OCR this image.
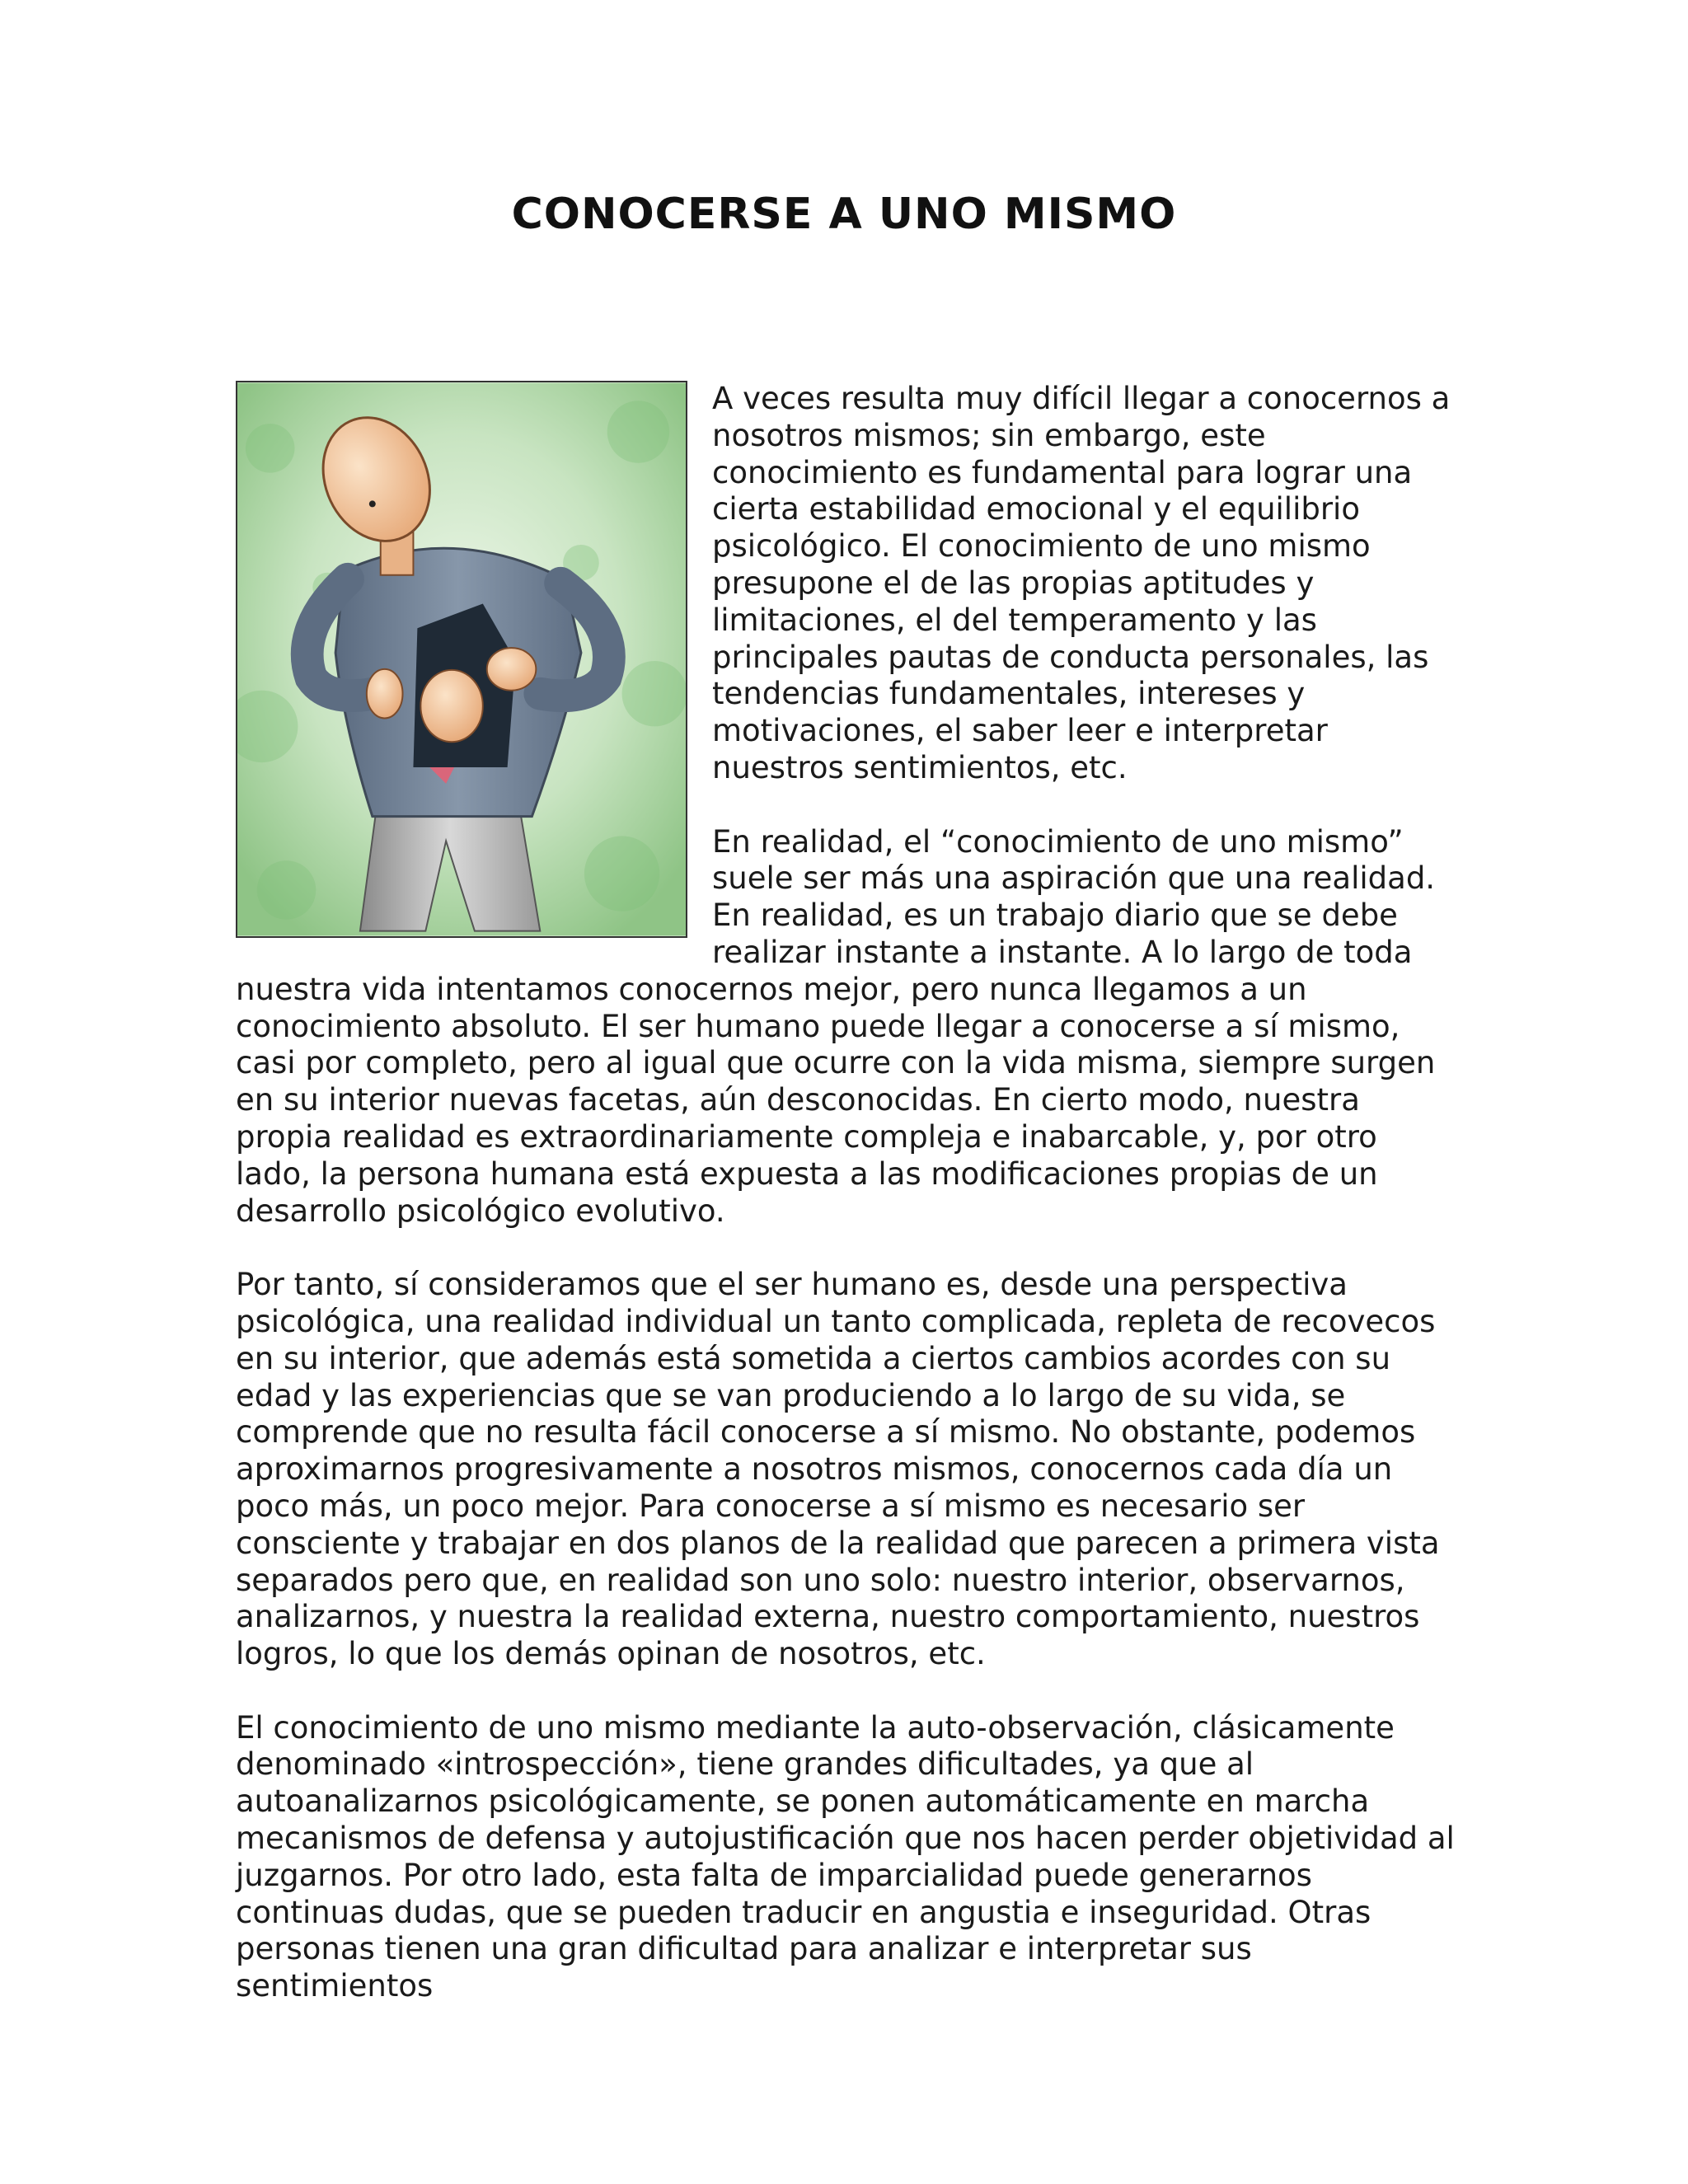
CONOCERSE A UNO MISMO

A veces resulta muy difícil llegar a conocernos a nosotros mismos; sin embargo, este conocimiento es fundamental para lograr una cierta estabilidad emocional y el equilibrio psicológico. El conocimiento de uno mismo presupone el de las propias aptitudes y limitaciones, el del temperamento y las principales pautas de conducta personales, las tendencias fundamentales, intereses y motivaciones, el saber leer e interpretar nuestros sentimientos, etc.

En realidad, el “conocimiento de uno mismo” suele ser más una aspiración que una realidad. En realidad, es un trabajo diario que se debe realizar instante a instante. A lo largo de toda nuestra vida intentamos conocernos mejor, pero nunca llegamos a un conocimiento absoluto. El ser humano puede llegar a conocerse a sí mismo, casi por completo, pero al igual que ocurre con la vida misma, siempre surgen en su interior nuevas facetas, aún desconocidas. En cierto modo, nuestra propia realidad es extraordinariamente compleja e inabarcable, y, por otro lado, la persona humana está expuesta a las modificaciones propias de un desarrollo psicológico evolutivo.

Por tanto, sí consideramos que el ser humano es, desde una perspectiva psicológica, una realidad individual un tanto complicada, repleta de recovecos en su interior, que además está sometida a ciertos cambios acordes con su edad y las experiencias que se van produciendo a lo largo de su vida, se comprende que no resulta fácil conocerse a sí mismo. No obstante, podemos aproximarnos progresivamente a nosotros mismos, conocernos cada día un poco más, un poco mejor. Para conocerse a sí mismo es necesario ser consciente y trabajar en dos planos de la realidad que parecen a primera vista separados pero que, en realidad son uno solo: nuestro interior, observarnos, analizarnos, y nuestra la realidad externa, nuestro comportamiento, nuestros logros, lo que los demás opinan de nosotros, etc.

El conocimiento de uno mismo mediante la auto-observación, clásicamente denominado «introspección», tiene grandes dificultades, ya que al autoanalizarnos psicológicamente, se ponen automáticamente en marcha mecanismos de defensa y autojustificación que nos hacen perder objetividad al juzgarnos. Por otro lado, esta falta de imparcialidad puede generarnos continuas dudas, que se pueden traducir en angustia e inseguridad. Otras personas tienen una gran dificultad para analizar e interpretar sus sentimientos
